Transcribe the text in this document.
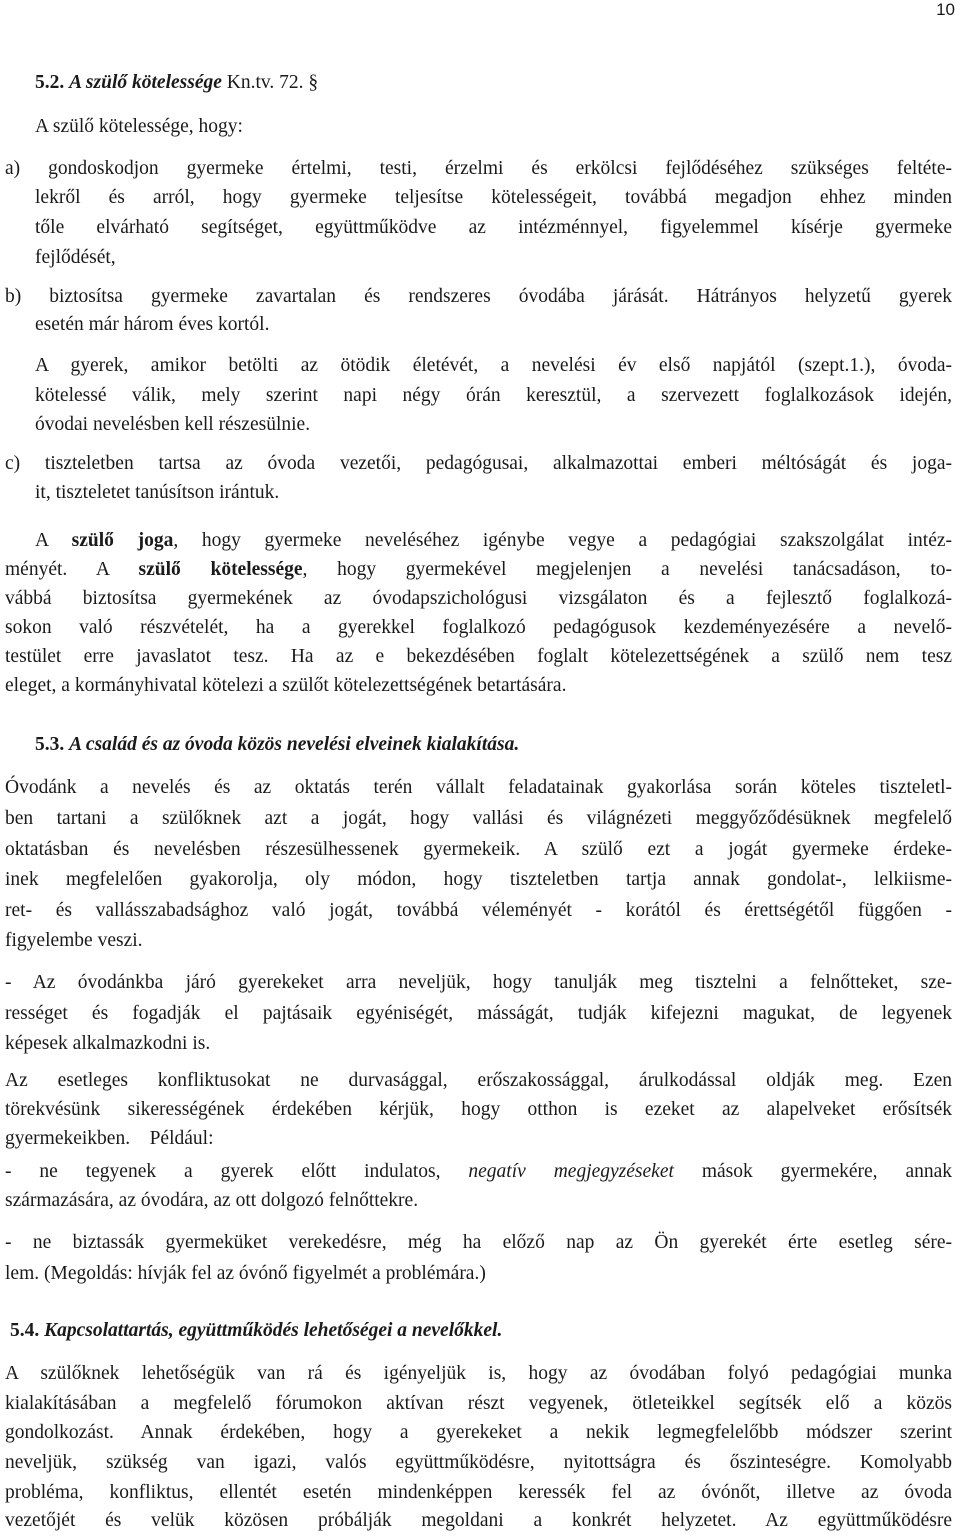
10
5.2. A szülő kötelessége Kn.tv. 72. §
A szülő kötelessége, hogy:
a) gondoskodjon gyermeke értelmi, testi, érzelmi és erkölcsi fejlődéséhez szükséges feltéte-
lekről és arról, hogy gyermeke teljesítse kötelességeit, továbbá megadjon ehhez minden
tőle elvárható segítséget, együttműködve az intézménnyel, figyelemmel kísérje gyermeke
fejlődését,
b) biztosítsa gyermeke zavartalan és rendszeres óvodába járását. Hátrányos helyzetű gyerek
esetén már három éves kortól.
A gyerek, amikor betölti az ötödik életévét, a nevelési év első napjától (szept.1.), óvoda-
kötelessé válik, mely szerint napi négy órán keresztül, a szervezett foglalkozások idején,
óvodai nevelésben kell részesülnie.
c) tiszteletben tartsa az óvoda vezetői, pedagógusai, alkalmazottai emberi méltóságát és joga-
it, tiszteletet tanúsítson irántuk.
A szülő joga, hogy gyermeke neveléséhez igénybe vegye a pedagógiai szakszolgálat intéz-
ményét. A szülő kötelessége, hogy gyermekével megjelenjen a nevelési tanácsadáson, to-
vábbá biztosítsa gyermekének az óvodapszichológusi vizsgálaton és a fejlesztő foglalkozá-
sokon való részvételét, ha a gyerekkel foglalkozó pedagógusok kezdeményezésére a nevelő-
testület erre javaslatot tesz. Ha az e bekezdésében foglalt kötelezettségének a szülő nem tesz
eleget, a kormányhivatal kötelezi a szülőt kötelezettségének betartására.
5.3. A család és az óvoda közös nevelési elveinek kialakítása.
Óvodánk a nevelés és az oktatás terén vállalt feladatainak gyakorlása során köteles tiszteletl-
ben tartani a szülőknek azt a jogát, hogy vallási és világnézeti meggyőződésüknek megfelelő
oktatásban és nevelésben részesülhessenek gyermekeik. A szülő ezt a jogát gyermeke érdeke-
inek megfelelően gyakorolja, oly módon, hogy tiszteletben tartja annak gondolat-, lelkiisme-
ret- és vallásszabadsághoz való jogát, továbbá véleményét - korától és érettségétől függően -
figyelembe veszi.
- Az óvodánkba járó gyerekeket arra neveljük, hogy tanulják meg tisztelni a felnőtteket, sze-
rességet és fogadják el pajtásaik egyéniségét, másságát, tudják kifejezni magukat, de legyenek
képesek alkalmazkodni is.
Az esetleges konfliktusokat ne durvasággal, erőszakossággal, árulkodással oldják meg. Ezen
törekvésünk sikerességének érdekében kérjük, hogy otthon is ezeket az alapelveket erősítsék
gyermekeikben.    Például:
- ne tegyenek a gyerek előtt indulatos, negatív megjegyzéseket mások gyermekére, annak
származására, az óvodára, az ott dolgozó felnőttekre.
- ne biztassák gyermeküket verekedésre, még ha előző nap az Ön gyerekét érte esetleg sére-
lem. (Megoldás: hívják fel az óvónő figyelmét a problémára.)
5.4. Kapcsolattartás, együttműködés lehetőségei a nevelőkkel.
A szülőknek lehetőségük van rá és igényeljük is, hogy az óvodában folyó pedagógiai munka
kialakításában a megfelelő fórumokon aktívan részt vegyenek, ötleteikkel segítsék elő a közös
gondolkozást. Annak érdekében, hogy a gyerekeket a nekik legmegfelelőbb módszer szerint
neveljük, szükség van igazi, valós együttműködésre, nyitottságra és őszinteségre. Komolyabb
probléma, konfliktus, ellentét esetén mindenképpen keressék fel az óvónőt, illetve az óvoda
vezetőjét és velük közösen próbálják megoldani a konkrét helyzetet. Az együttműködésre
